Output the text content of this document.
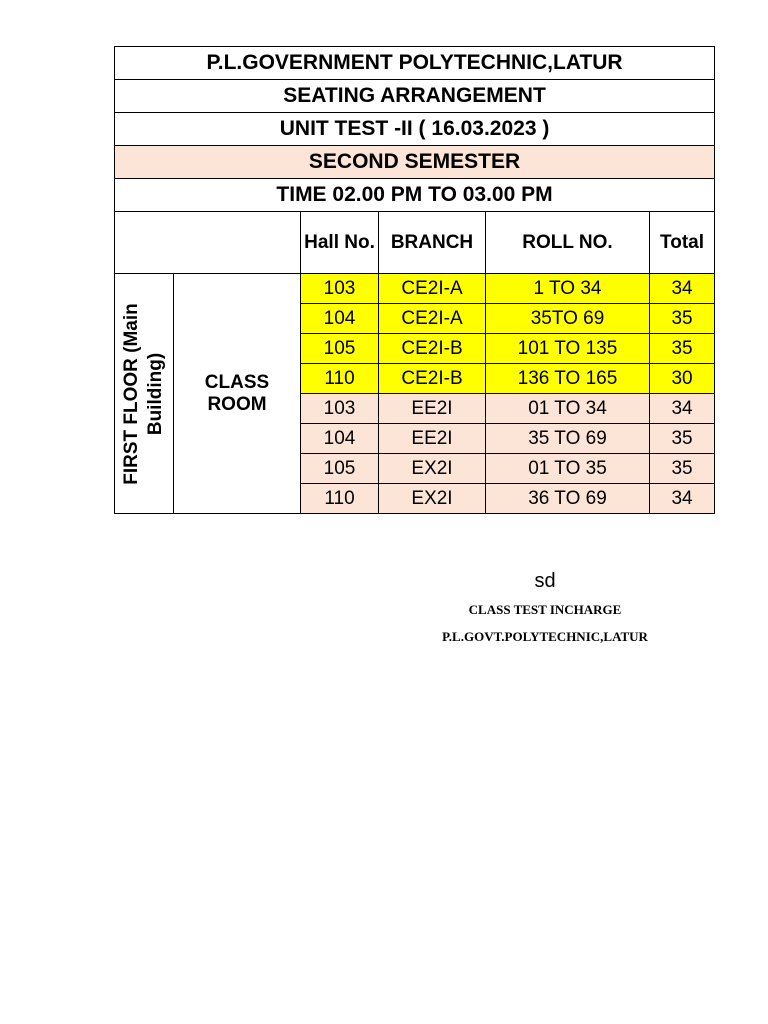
P.L.GOVERNMENT POLYTECHNIC,LATUR					
SEATING ARRANGEMENT					
UNIT TEST -II ( 16.03.2023 )					
SECOND SEMESTER					
TIME 02.00 PM TO 03.00 PM					
		Hall No.	BRANCH	ROLL NO.	Total

FIRST FLOOR (Main Building)	CLASS ROOM	103	CE2I-A	1 TO 34	34
		104	CE2I-A	35TO 69	35
		105	CE2I-B	101 TO 135	35
		110	CE2I-B	136 TO 165	30
		103	EE2I	01 TO 34	34
		104	EE2I	35 TO 69	35
		105	EX2I	01 TO 35	35
		110	EX2I	36 TO 69	34
sd
CLASS TEST INCHARGE
P.L.GOVT.POLYTECHNIC,LATUR
